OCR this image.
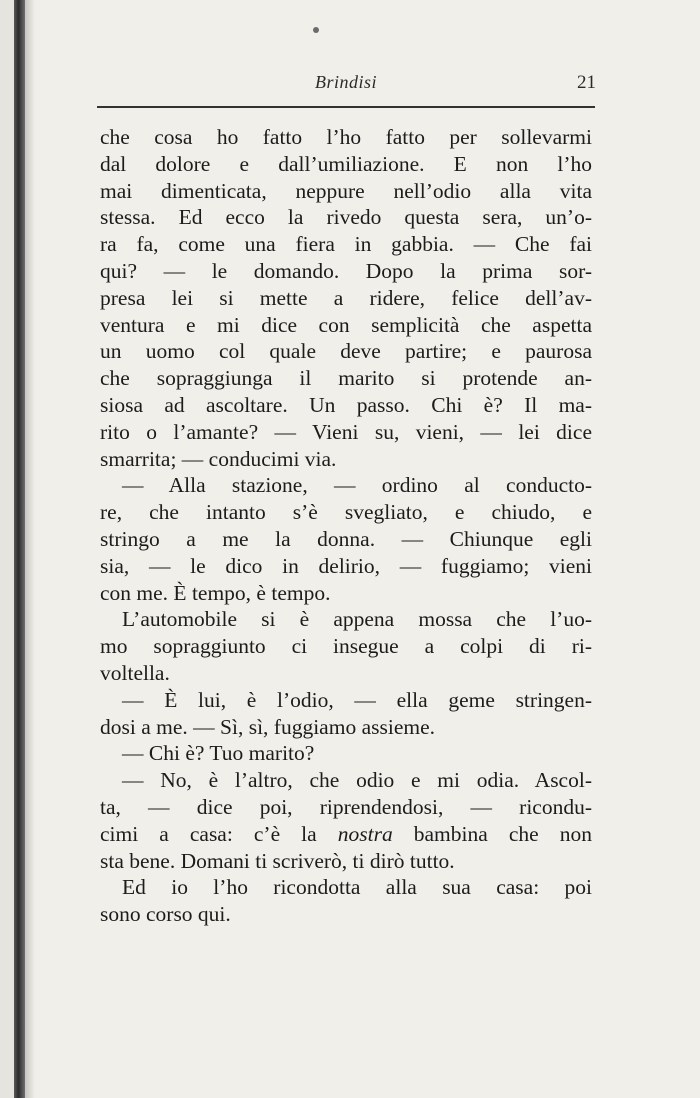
Brindisi	21
che cosa ho fatto l’ho fatto per sollevarmi
dal dolore e dall’umiliazione. E non l’ho
mai dimenticata, neppure nell’odio alla vita
stessa. Ed ecco la rivedo questa sera, un’o-
ra fa, come una fiera in gabbia. — Che fai
qui? — le domando. Dopo la prima sor-
presa lei si mette a ridere, felice dell’av-
ventura e mi dice con semplicità che aspetta
un uomo col quale deve partire; e paurosa
che sopraggiunga il marito si protende an-
siosa ad ascoltare. Un passo. Chi è? Il ma-
rito o l’amante? — Vieni su, vieni, — lei dice
smarrita; — conducimi via.
— Alla stazione, — ordino al conducto-
re, che intanto s’è svegliato, e chiudo, e
stringo a me la donna. — Chiunque egli
sia, — le dico in delirio, — fuggiamo; vieni
con me. È tempo, è tempo.
L’automobile si è appena mossa che l’uo-
mo sopraggiunto ci insegue a colpi di ri-
voltella.
— È lui, è l’odio, — ella geme stringen-
dosi a me. — Sì, sì, fuggiamo assieme.
— Chi è? Tuo marito?
— No, è l’altro, che odio e mi odia. Ascol-
ta, — dice poi, riprendendosi, — ricondu-
cimi a casa: c’è la nostra bambina che non
sta bene. Domani ti scriverò, ti dirò tutto.
Ed io l’ho ricondotta alla sua casa: poi
sono corso qui.
